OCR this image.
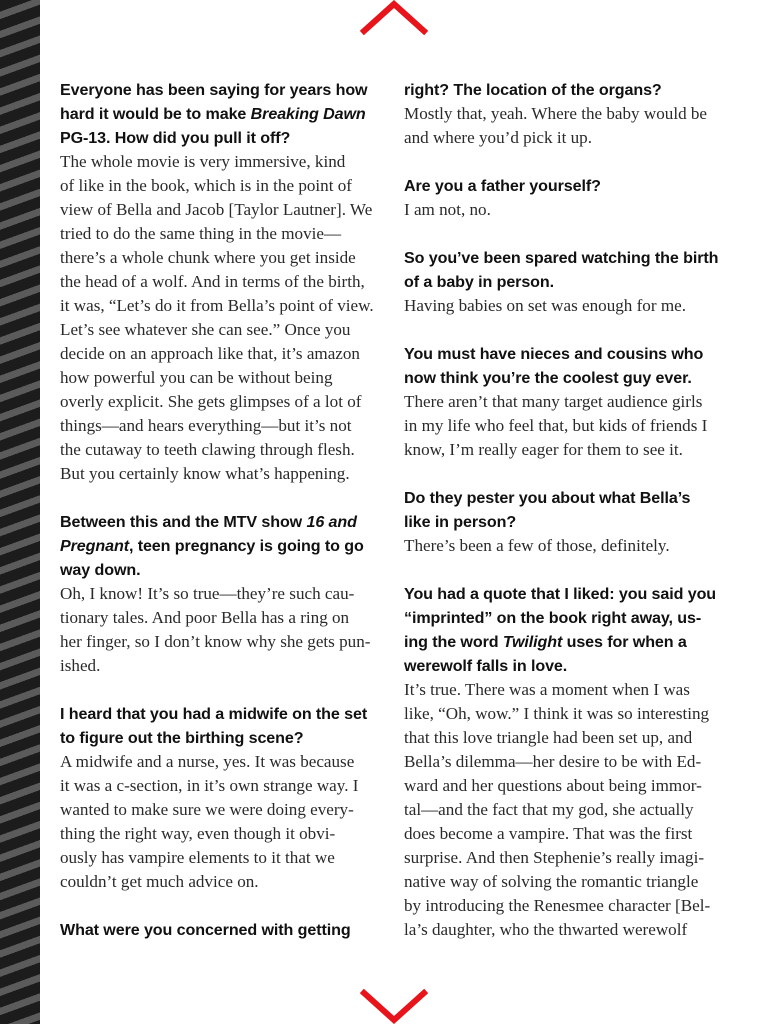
Everyone has been saying for years how
hard it would be to make Breaking Dawn
PG-13. How did you pull it off?
The whole movie is very immersive, kind
of like in the book, which is in the point of
view of Bella and Jacob [Taylor Lautner]. We
tried to do the same thing in the movie—
there’s a whole chunk where you get inside
the head of a wolf. And in terms of the birth,
it was, “Let’s do it from Bella’s point of view.
Let’s see whatever she can see.” Once you
decide on an approach like that, it’s amazon
how powerful you can be without being
overly explicit. She gets glimpses of a lot of
things—and hears everything—but it’s not
the cutaway to teeth clawing through flesh.
But you certainly know what’s happening.
Between this and the MTV show 16 and
Pregnant, teen pregnancy is going to go
way down.
Oh, I know! It’s so true—they’re such cau-
tionary tales. And poor Bella has a ring on
her finger, so I don’t know why she gets pun-
ished.
I heard that you had a midwife on the set
to figure out the birthing scene?
A midwife and a nurse, yes. It was because
it was a c-section, in it’s own strange way. I
wanted to make sure we were doing every-
thing the right way, even though it obvi-
ously has vampire elements to it that we
couldn’t get much advice on.
What were you concerned with getting
right? The location of the organs?
Mostly that, yeah. Where the baby would be
and where you’d pick it up.
Are you a father yourself?
I am not, no.
So you’ve been spared watching the birth
of a baby in person.
Having babies on set was enough for me.
You must have nieces and cousins who
now think you’re the coolest guy ever.
There aren’t that many target audience girls
in my life who feel that, but kids of friends I
know, I’m really eager for them to see it.
Do they pester you about what Bella’s
like in person?
There’s been a few of those, definitely.
You had a quote that I liked: you said you
“imprinted” on the book right away, us-
ing the word Twilight uses for when a
werewolf falls in love.
It’s true. There was a moment when I was
like, “Oh, wow.” I think it was so interesting
that this love triangle had been set up, and
Bella’s dilemma—her desire to be with Ed-
ward and her questions about being immor-
tal—and the fact that my god, she actually
does become a vampire. That was the first
surprise. And then Stephenie’s really imagi-
native way of solving the romantic triangle
by introducing the Renesmee character [Bel-
la’s daughter, who the thwarted werewolf
